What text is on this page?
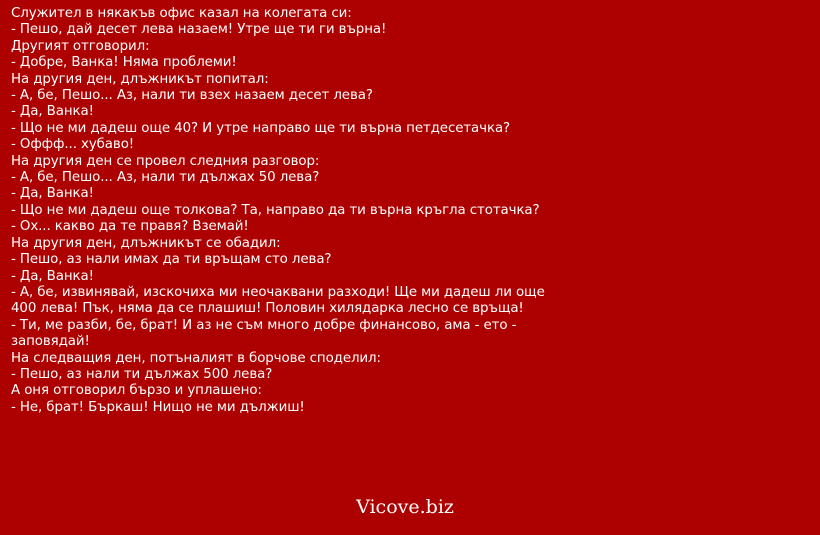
Служител в някакъв офис казал на колегата си:
- Пешо, дай десет лева назаем! Утре ще ти ги върна!
Другият отговорил:
- Добре, Ванка! Няма проблеми!
На другия ден, длъжникът попитал:
- А, бе, Пешо... Аз, нали ти взех назаем десет лева?
- Да, Ванка!
- Що не ми дадеш още 40? И утре направо ще ти върна петдесетачка?
- Оффф... хубаво!
На другия ден се провел следния разговор:
- А, бе, Пешо... Аз, нали ти дължах 50 лева?
- Да, Ванка!
- Що не ми дадеш още толкова? Та, направо да ти върна кръгла стотачка?
- Ох... какво да те правя? Вземай!
На другия ден, длъжникът се обадил:
- Пешо, аз нали имах да ти връщам сто лева?
- Да, Ванка!
- А, бе, извинявай, изскочиха ми неочаквани разходи! Ще ми дадеш ли още 400 лева! Пък, няма да се плашиш! Половин хилядарка лесно се връща!
- Ти, ме разби, бе, брат! И аз не съм много добре финансово, ама - ето - заповядай!
На следващия ден, потъналият в борчове споделил:
- Пешо, аз нали ти дължах 500 лева?
А оня отговорил бързо и уплашено:
- Не, брат! Бъркаш! Нищо не ми дължиш!
Vicove.biz
